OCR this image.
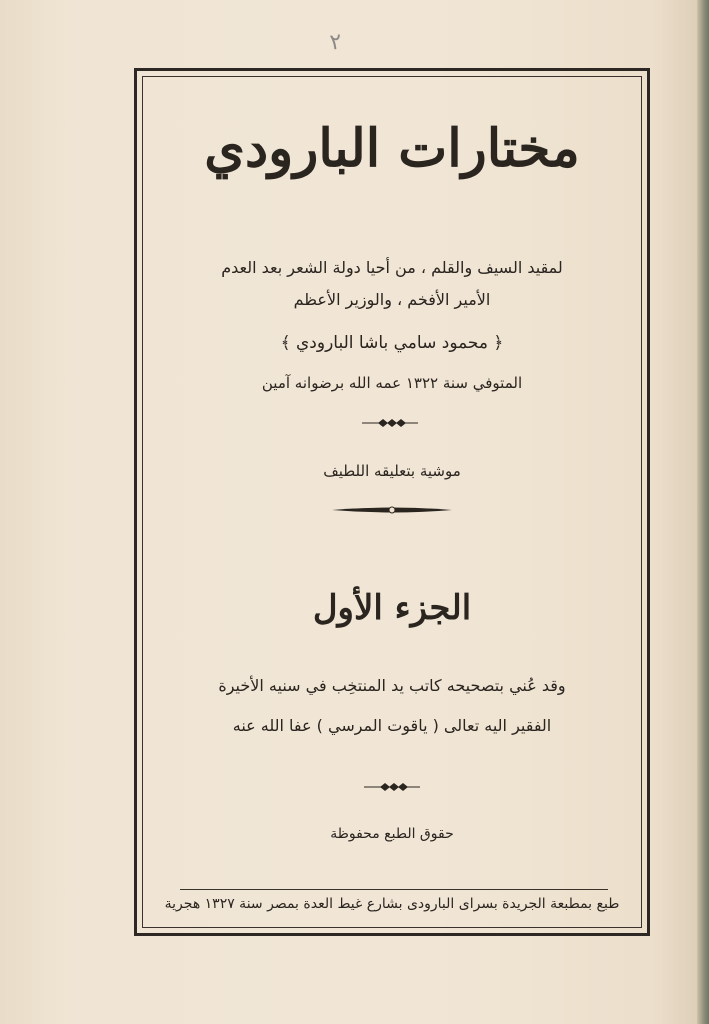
٢
مختارات البارودي
لمقيد السيف والقلم ، من أحيا دولة الشعر بعد العدم
الأمير الأفخم ، والوزير الأعظم
﴿ محمود سامي باشا البارودي ﴾
المتوفي سنة ١٣٢٢ عمه الله برضوانه آمين
موشية بتعليقه اللطيف
الجزء الأول
وقد عُني بتصحيحه كاتب يد المنتخِب في سنيه الأخيرة
الفقير اليه تعالى ( ياقوت المرسي ) عفا الله عنه
حقوق الطبع محفوظة
طبع بمطبعة الجريدة بسراى البارودى بشارع غيط العدة بمصر سنة ١٣٢٧ هجرية
